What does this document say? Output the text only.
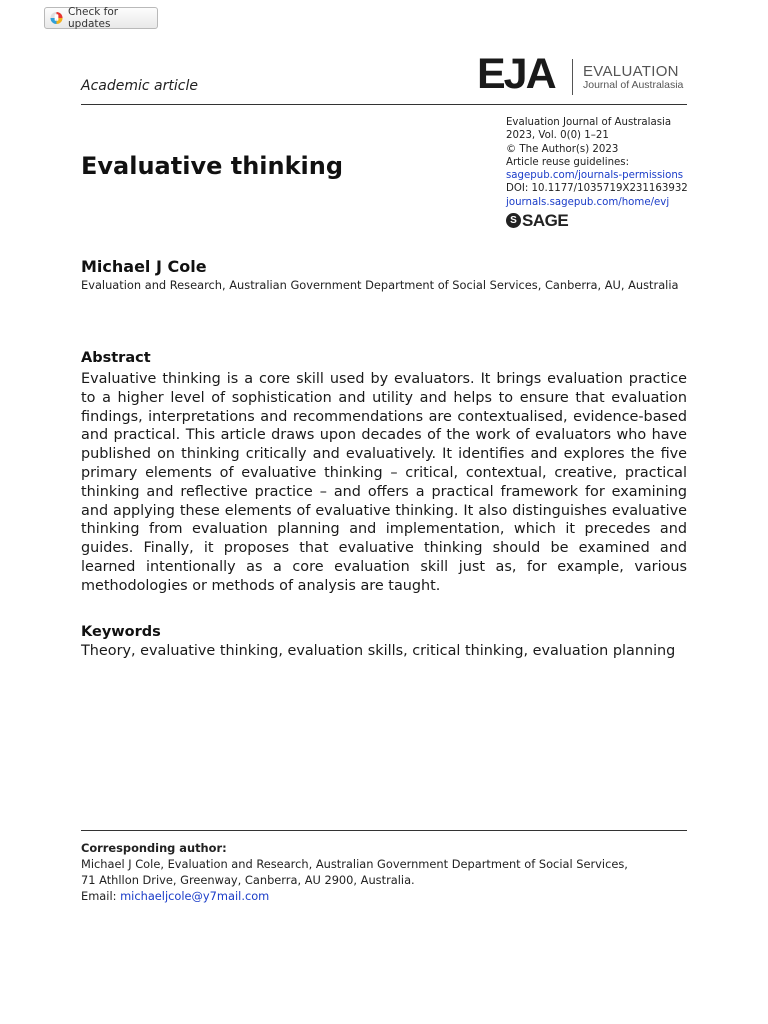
Check for updates
Academic article	EJA EVALUATION
Journal of Australasia
Evaluation Journal of Australasia
2023, Vol. 0(0) 1–21
© The Author(s) 2023
Article reuse guidelines:
sagepub.com/journals-permissions
DOI: 10.1177/1035719X231163932
journals.sagepub.com/home/evj
S SAGE
Evaluative thinking
Michael J Cole
Evaluation and Research, Australian Government Department of Social Services, Canberra, AU, Australia
Abstract

Evaluative thinking is a core skill used by evaluators. It brings evaluation practice to a higher level of sophistication and utility and helps to ensure that evaluation findings, interpretations and recommendations are contextualised, evidence-based and practical. This article draws upon decades of the work of evaluators who have published on thinking critically and evaluatively. It identifies and explores the five primary elements of evaluative thinking – critical, contextual, creative, practical thinking and reflective practice – and offers a practical framework for examining and applying these elements of evaluative thinking. It also distinguishes evaluative thinking from evaluation planning and implementation, which it precedes and guides. Finally, it proposes that evaluative thinking should be examined and learned intentionally as a core evaluation skill just as, for example, various methodologies or methods of analysis are taught.

Keywords
Theory, evaluative thinking, evaluation skills, critical thinking, evaluation planning
Corresponding author:
Michael J Cole, Evaluation and Research, Australian Government Department of Social Services,
71 Athllon Drive, Greenway, Canberra, AU 2900, Australia.
Email: michaeljcole@y7mail.com
